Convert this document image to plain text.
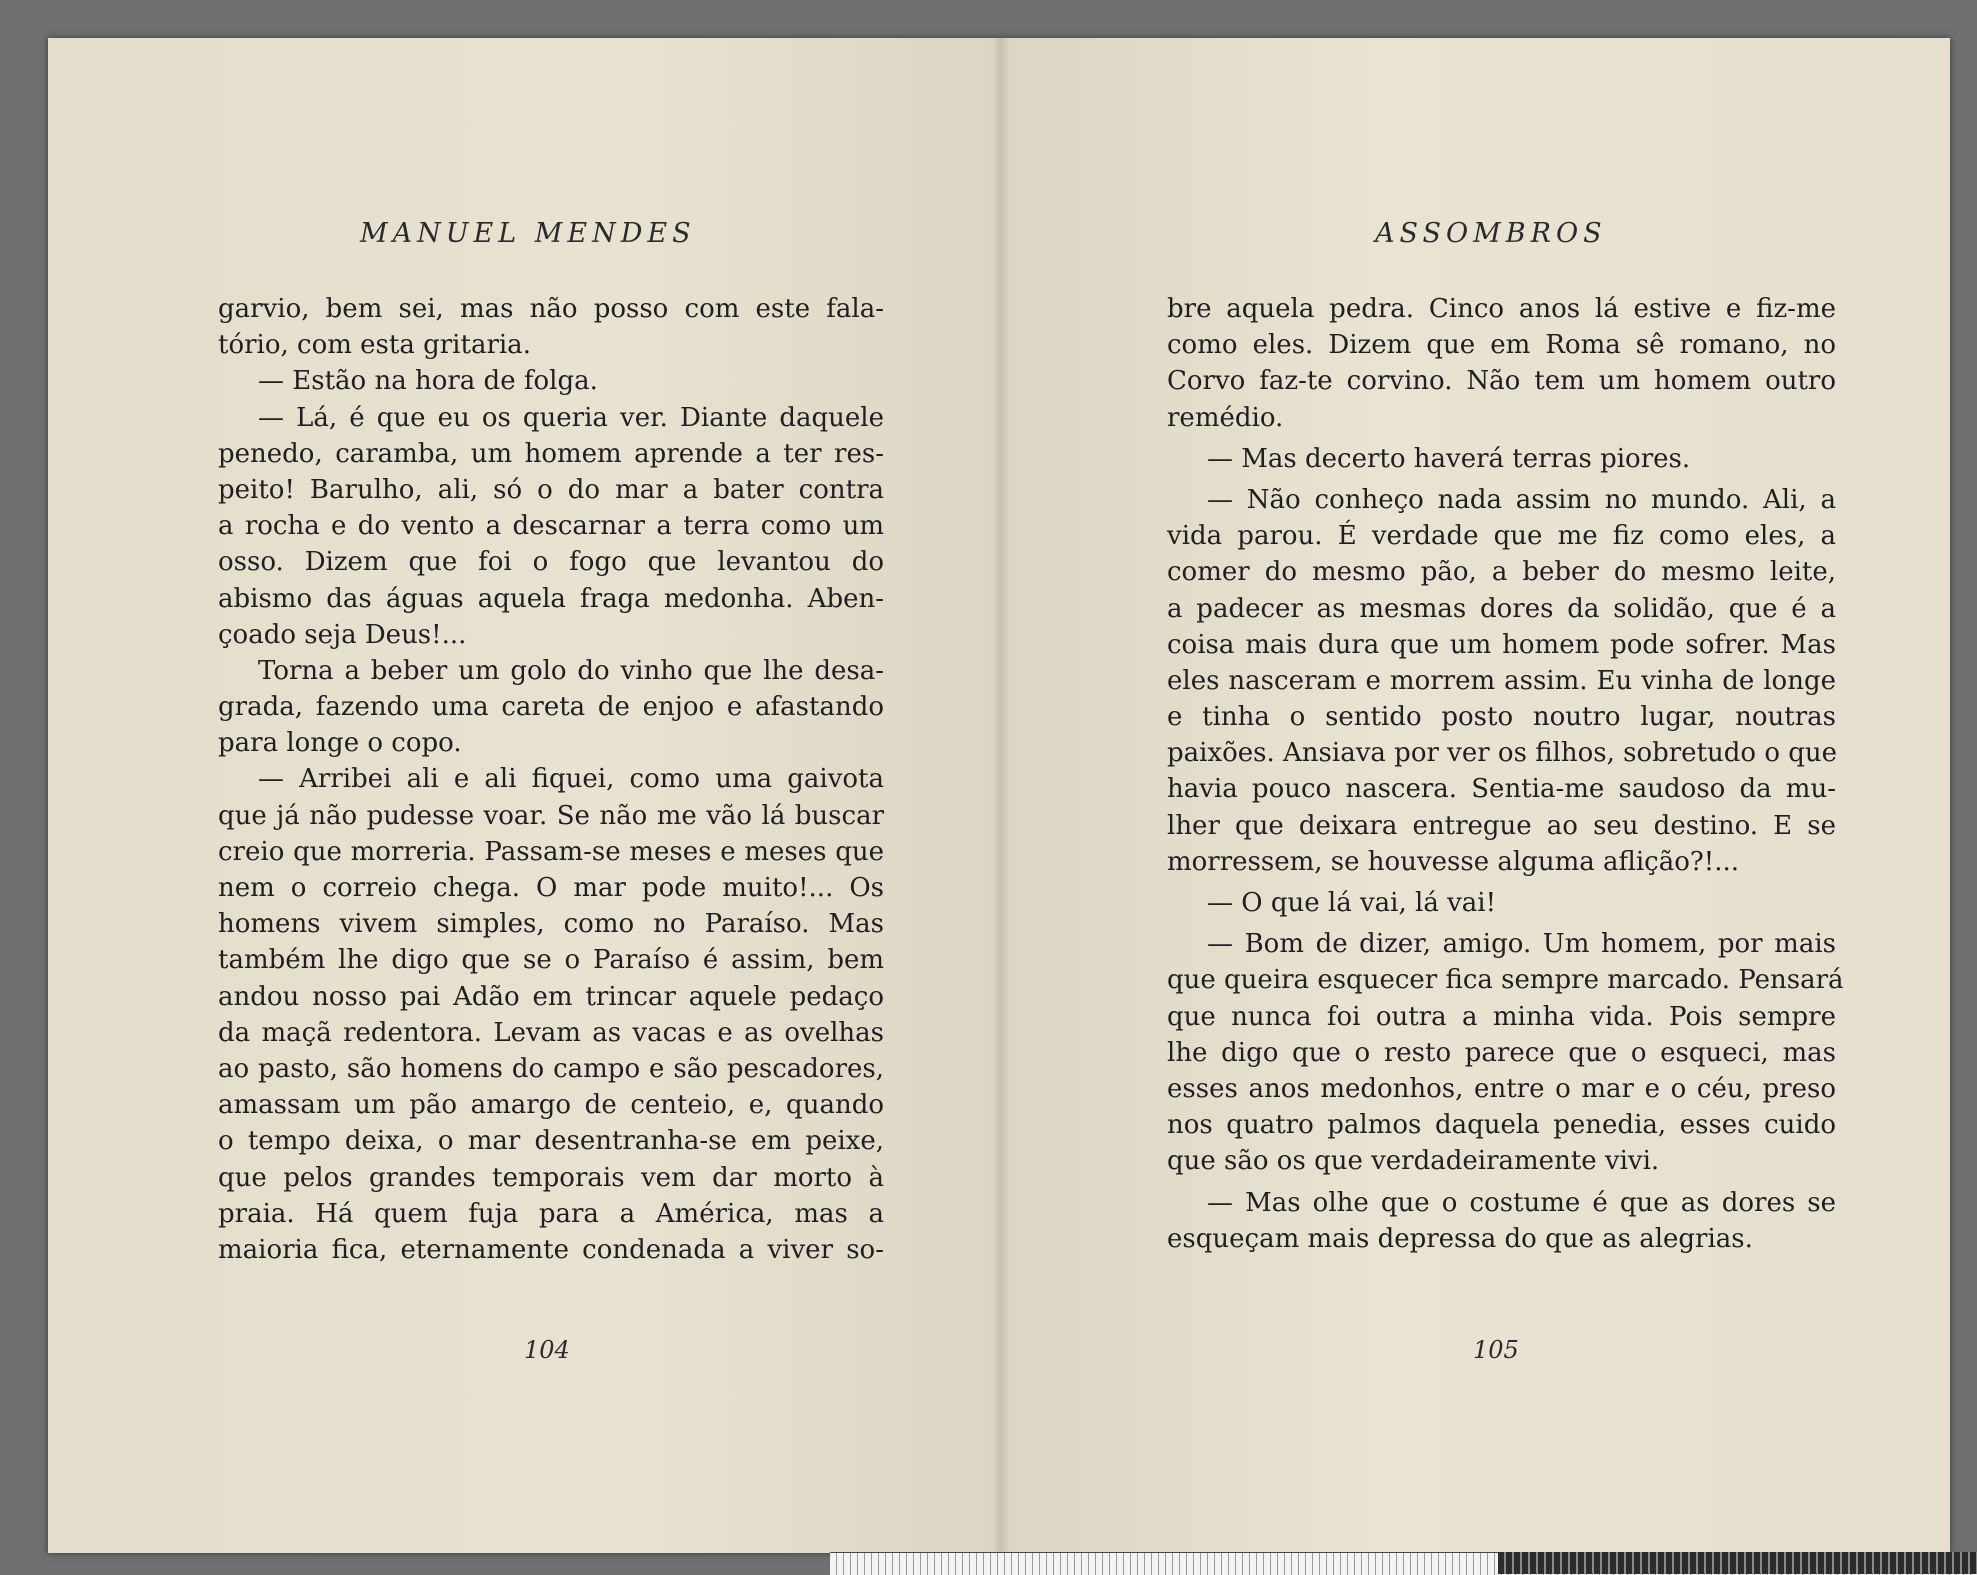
MANUEL MENDES
garvio, bem sei, mas não posso com este fala-
tório, com esta gritaria.
— Estão na hora de folga.
— Lá, é que eu os queria ver. Diante daquele
penedo, caramba, um homem aprende a ter res-
peito! Barulho, ali, só o do mar a bater contra
a rocha e do vento a descarnar a terra como um
osso. Dizem que foi o fogo que levantou do
abismo das águas aquela fraga medonha. Aben-
çoado seja Deus!...
Torna a beber um golo do vinho que lhe desa-
grada, fazendo uma careta de enjoo e afastando
para longe o copo.
— Arribei ali e ali fiquei, como uma gaivota
que já não pudesse voar. Se não me vão lá buscar
creio que morreria. Passam-se meses e meses que
nem o correio chega. O mar pode muito!... Os
homens vivem simples, como no Paraíso. Mas
também lhe digo que se o Paraíso é assim, bem
andou nosso pai Adão em trincar aquele pedaço
da maçã redentora. Levam as vacas e as ovelhas
ao pasto, são homens do campo e são pescadores,
amassam um pão amargo de centeio, e, quando
o tempo deixa, o mar desentranha-se em peixe,
que pelos grandes temporais vem dar morto à
praia. Há quem fuja para a América, mas a
maioria fica, eternamente condenada a viver so-
104
ASSOMBROS
bre aquela pedra. Cinco anos lá estive e fiz-me
como eles. Dizem que em Roma sê romano, no
Corvo faz-te corvino. Não tem um homem outro
remédio.
— Mas decerto haverá terras piores.
— Não conheço nada assim no mundo. Ali, a
vida parou. É verdade que me fiz como eles, a
comer do mesmo pão, a beber do mesmo leite,
a padecer as mesmas dores da solidão, que é a
coisa mais dura que um homem pode sofrer. Mas
eles nasceram e morrem assim. Eu vinha de longe
e tinha o sentido posto noutro lugar, noutras
paixões. Ansiava por ver os filhos, sobretudo o que
havia pouco nascera. Sentia-me saudoso da mu-
lher que deixara entregue ao seu destino. E se
morressem, se houvesse alguma aflição?!...
— O que lá vai, lá vai!
— Bom de dizer, amigo. Um homem, por mais
que queira esquecer fica sempre marcado. Pensará
que nunca foi outra a minha vida. Pois sempre
lhe digo que o resto parece que o esqueci, mas
esses anos medonhos, entre o mar e o céu, preso
nos quatro palmos daquela penedia, esses cuido
que são os que verdadeiramente vivi.
— Mas olhe que o costume é que as dores se
esqueçam mais depressa do que as alegrias.
105
